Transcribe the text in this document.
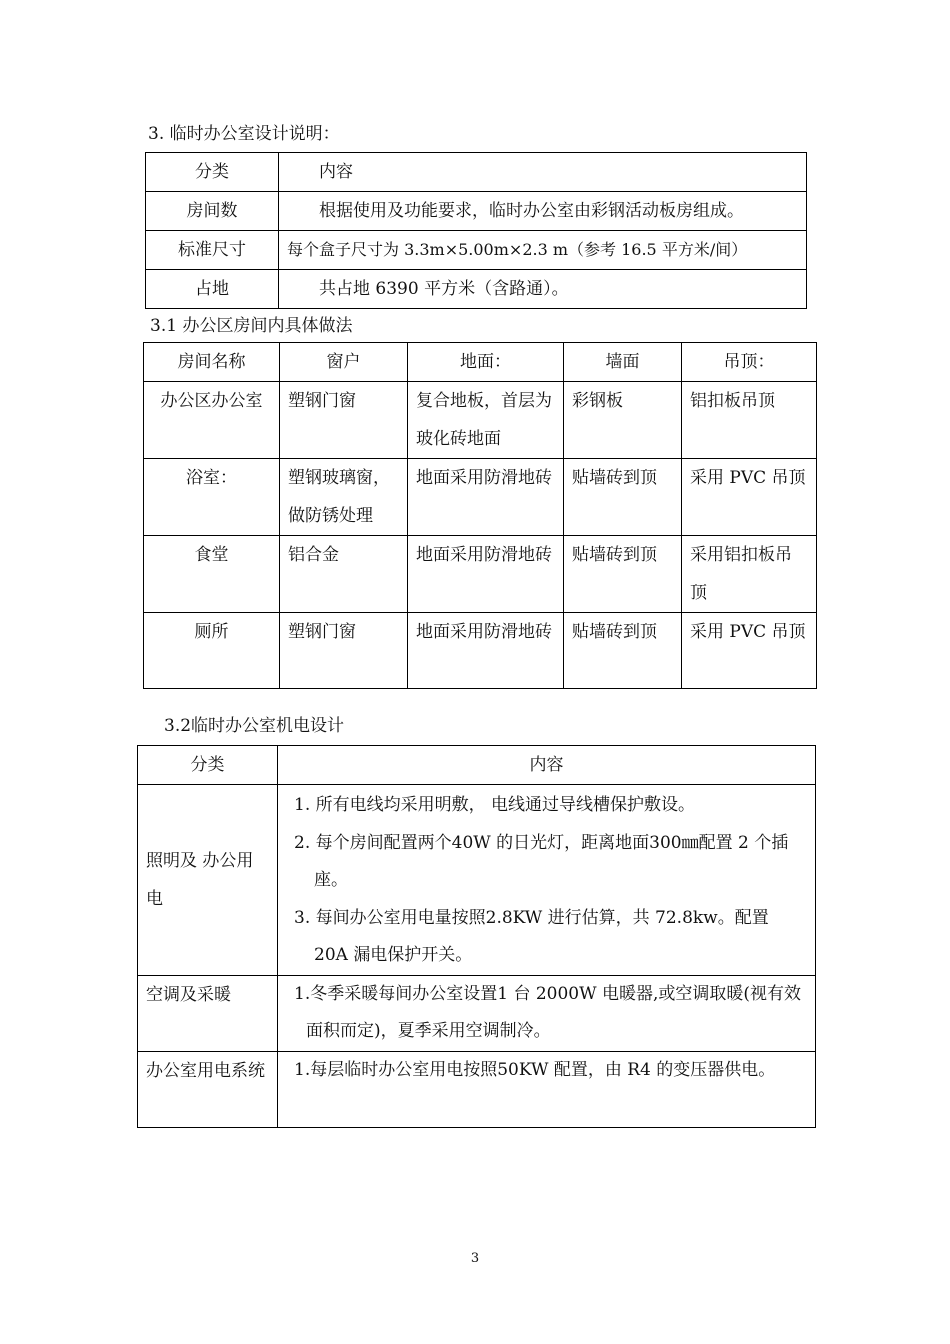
3. 临时办公室设计说明：
分类	内容
房间数	根据使用及功能要求，临时办公室由彩钢活动板房组成。
标准尺寸	每个盒子尺寸为 3.3m×5.00m×2.3 m（参考 16.5 平方米/间）
占地	共占地 6390 平方米（含路通）。
3.1 办公区房间内具体做法
房间名称	窗户	地面：	墙面	吊顶：
办公区办公室	塑钢门窗	复合地板，首层为玻化砖地面	彩钢板	铝扣板吊顶
浴室：	塑钢玻璃窗，做防锈处理	地面采用防滑地砖	贴墙砖到顶	采用 PVC 吊顶
食堂	铝合金	地面采用防滑地砖	贴墙砖到顶	采用铝扣板吊顶
厕所	塑钢门窗	地面采用防滑地砖	贴墙砖到顶	采用 PVC 吊顶
3.2临时办公室机电设计
分类	内容
照明及 办公用电	1. 所有电线均采用明敷， 电线通过导线槽保护敷设。
2. 每个房间配置两个40W 的日光灯，距离地面300㎜配置 2 个插座。
3. 每间办公室用电量按照2.8KW 进行估算，共 72.8kw。配置 20A 漏电保护开关。

空调及采暖	1.冬季采暖每间办公室设置1 台 2000W 电暖器,或空调取暖(视有效面积而定)，夏季采用空调制冷。

办公室用电系统	1.每层临时办公室用电按照50KW 配置，由 R4 的变压器供电。
3
